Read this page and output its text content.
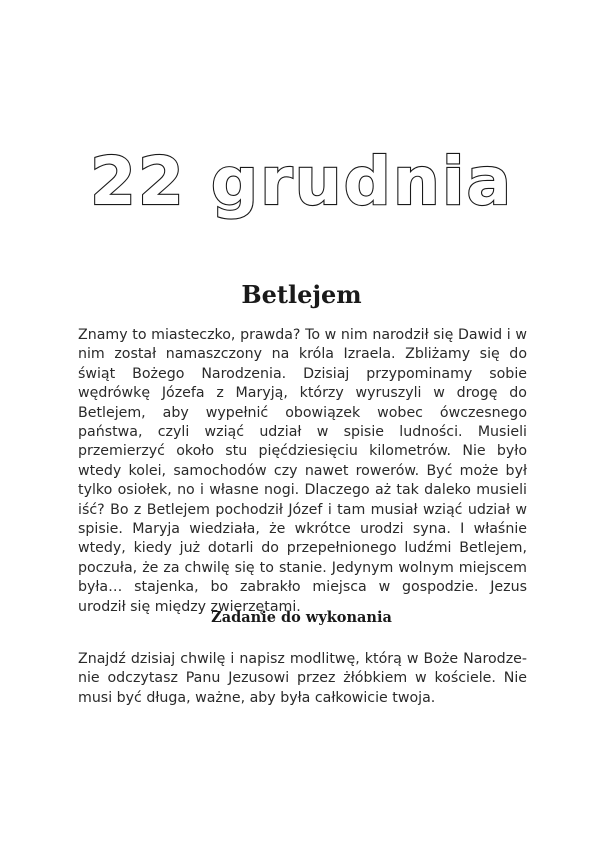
22 grudnia
Betlejem

Znamy to miasteczko, prawda? To w nim narodził się Dawid i w nim został namaszczony na króla Izraela. Zbliżamy się do świąt Bożego Narodzenia. Dzisiaj przypominamy sobie wędrówkę Józefa z Maryją, którzy wyruszyli w drogę do Betlejem, aby wypełnić obowiązek wobec ówczesnego państwa, czyli wziąć udział w spisie ludności. Musieli przemierzyć około stu pięćdziesięciu kilometrów. Nie było wtedy kolei, samochodów czy nawet rowerów. Być może był tylko osiołek, no i własne nogi. Dlaczego aż tak daleko musieli iść? Bo z Betlejem pochodził Józef i tam musiał wziąć udział w spisie. Maryja wiedziała, że wkrótce urodzi syna. I właśnie wtedy, kiedy już dotarli do przepełnionego ludźmi Betlejem, poczuła, że za chwilę się to stanie. Jedynym wolnym miejscem była… stajenka, bo zabrakło miejsca w gospodzie. Jezus urodził się między zwierzętami.

Zadanie do wykonania

Znajdź dzisiaj chwilę i napisz modlitwę, którą w Boże Narodzenie odczytasz Panu Jezusowi przez żłóbkiem w kościele. Nie musi być długa, ważne, aby była całkowicie twoja.
